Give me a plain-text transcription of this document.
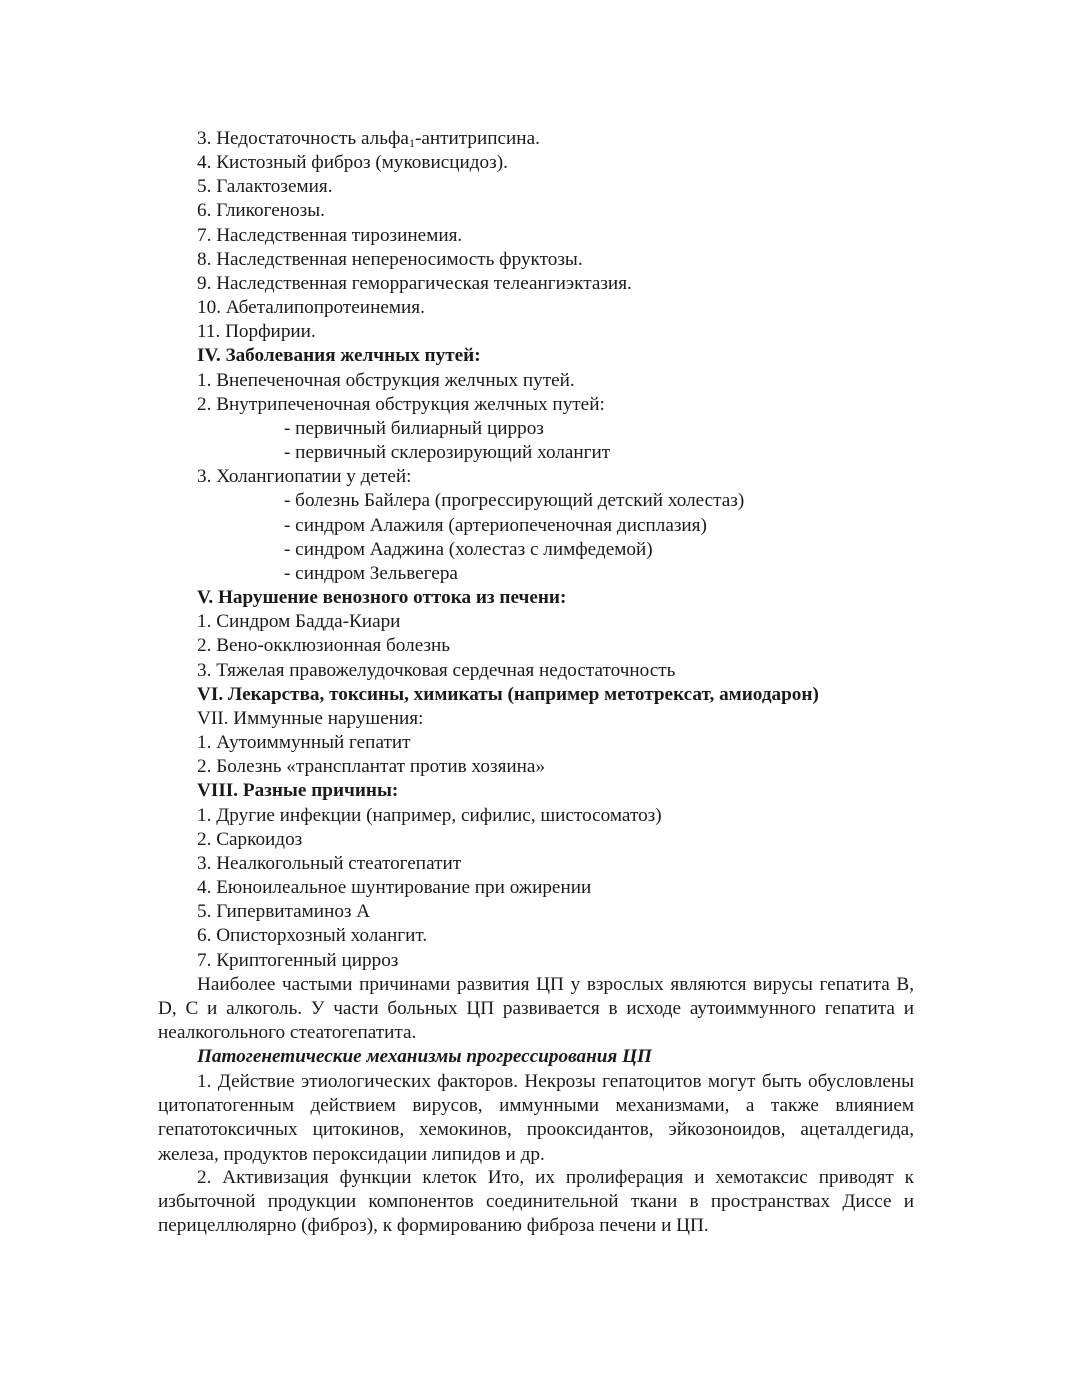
3. Недостаточность альфа$_1$-антитрипсина.
4. Кистозный фиброз (муковисцидоз).
5. Галактоземия.
6. Гликогенозы.
7. Наследственная тирозинемия.
8. Наследственная непереносимость фруктозы.
9. Наследственная геморрагическая телеангиэктазия.
10. Абеталипопротеинемия.
11. Порфирии.
IV. Заболевания желчных путей:
1. Внепеченочная обструкция желчных путей.
2. Внутрипеченочная обструкция желчных путей:
- первичный билиарный цирроз
- первичный склерозирующий холангит
3. Холангиопатии у детей:
- болезнь Байлера (прогрессирующий детский холестаз)
- синдром Алажиля (артериопеченочная дисплазия)
- синдром Ааджина (холестаз с лимфедемой)
- синдром Зельвегера
V. Нарушение венозного оттока из печени:
1. Синдром Бадда-Киари
2. Вено-окклюзионная болезнь
3. Тяжелая правожелудочковая сердечная недостаточность
VI. Лекарства, токсины, химикаты (например метотрексат, амиодарон)
VII. Иммунные нарушения:
1. Аутоиммунный гепатит
2. Болезнь «трансплантат против хозяина»
VIII. Разные причины:
1. Другие инфекции (например, сифилис, шистосоматоз)
2. Саркоидоз
3. Неалкогольный стеатогепатит
4. Еюноилеальное шунтирование при ожирении
5. Гипервитаминоз A
6. Описторхозный холангит.
7. Криптогенный цирроз
Наиболее частыми причинами развития ЦП у взрослых являются вирусы гепатита B, D, C и алкоголь. У части больных ЦП развивается в исходе аутоиммунного гепатита и неалкогольного стеатогепатита.
Патогенетические механизмы прогрессирования ЦП
1. Действие этиологических факторов. Некрозы гепатоцитов могут быть обусловлены цитопатогенным действием вирусов, иммунными механизмами, а также влиянием гепатотоксичных цитокинов, хемокинов, прооксидантов, эйкозоноидов, ацеталдегида, железа, продуктов пероксидации липидов и др.
2. Активизация функции клеток Ито, их пролиферация и хемотаксис приводят к избыточной продукции компонентов соединительной ткани в пространствах Диссе и перицеллюлярно (фиброз), к формированию фиброза печени и ЦП.
